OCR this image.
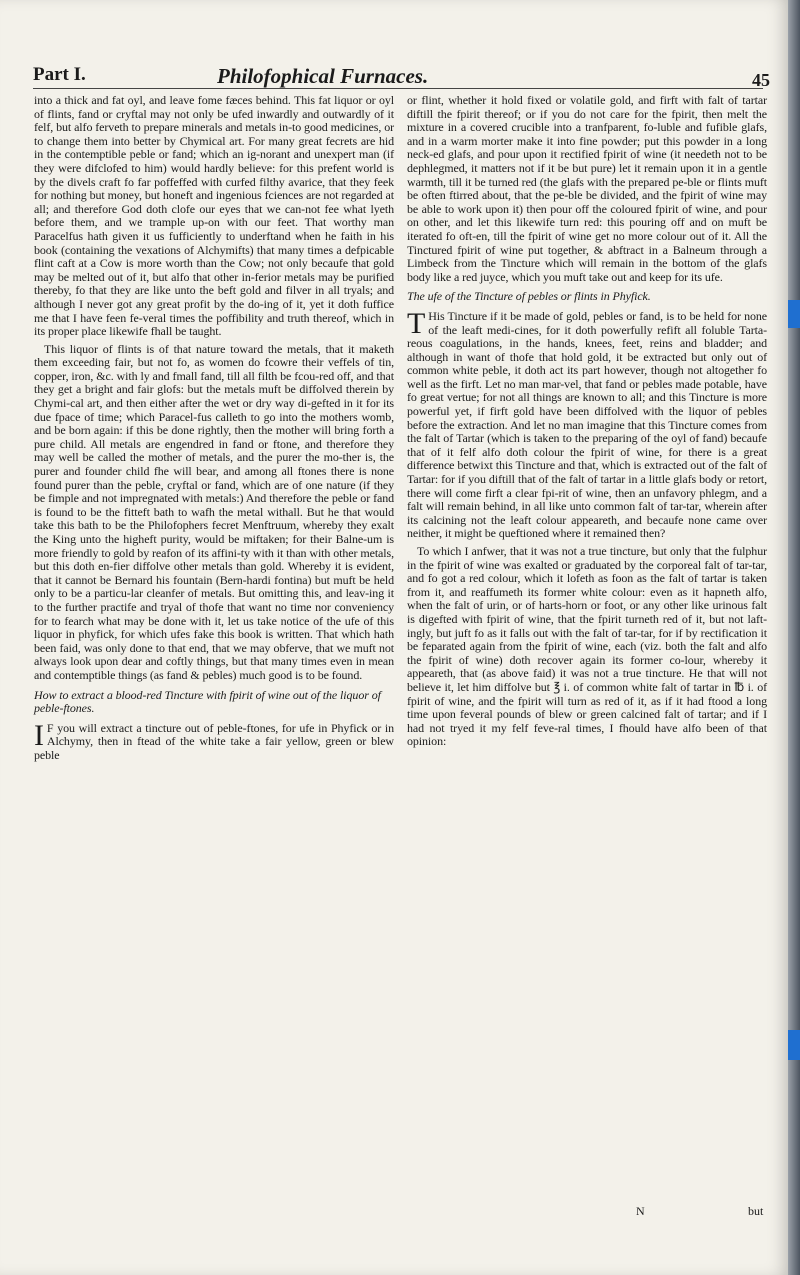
Part I.	Philofophical Furnaces.	45

into a thick and fat oyl, and leave fome fæces behind. This fat liquor or oyl of flints, fand or cryftal may not only be ufed inwardly and outwardly of it felf, but alfo ferveth to prepare minerals and metals in-to good medicines, or to change them into better by Chymical art. For many great fecrets are hid in the contemptible peble or fand; which an ig-norant and unexpert man (if they were difclofed to him) would hardly believe: for this prefent world is by the divels craft fo far poffeffed with curfed filthy avarice, that they feek for nothing but money, but honeft and ingenious fciences are not regarded at all; and therefore God doth clofe our eyes that we can-not fee what lyeth before them, and we trample up-on with our feet. That worthy man Paracelfus hath given it us fufficiently to underftand when he faith in his book (containing the vexations of Alchymifts) that many times a defpicable flint caft at a Cow is more worth than the Cow; not only becaufe that gold may be melted out of it, but alfo that other in-ferior metals may be purified thereby, fo that they are like unto the beft gold and filver in all tryals; and although I never got any great profit by the do-ing of it, yet it doth fuffice me that I have feen fe-veral times the poffibility and truth thereof, which in its proper place likewife fhall be taught.

This liquor of flints is of that nature toward the metals, that it maketh them exceeding fair, but not fo, as women do fcowre their veffels of tin, copper, iron, &c. with ly and fmall fand, till all filth be fcou-red off, and that they get a bright and fair glofs: but the metals muft be diffolved therein by Chymi-cal art, and then either after the wet or dry way di-gefted in it for its due fpace of time; which Paracel-fus calleth to go into the mothers womb, and be born again: if this be done rightly, then the mother will bring forth a pure child. All metals are engendred in fand or ftone, and therefore they may well be called the mother of metals, and the purer the mo-ther is, the purer and founder child fhe will bear, and among all ftones there is none found purer than the peble, cryftal or fand, which are of one nature (if they be fimple and not impregnated with metals:) And therefore the peble or fand is found to be the fitteft bath to wafh the metal withall. But he that would take this bath to be the Philofophers fecret Menftruum, whereby they exalt the King unto the higheft purity, would be miftaken; for their Balne-um is more friendly to gold by reafon of its affini-ty with it than with other metals, but this doth en-fier diffolve other metals than gold. Whereby it is evident, that it cannot be Bernard his fountain (Bern-hardi fontina) but muft be held only to be a particu-lar cleanfer of metals. But omitting this, and leav-ing it to the further practife and tryal of thofe that want no time nor conveniency for to fearch what may be done with it, let us take notice of the ufe of this liquor in phyfick, for which ufes fake this book is written. That which hath been faid, was only done to that end, that we may obferve, that we muft not always look upon dear and coftly things, but that many times even in mean and contemptible things (as fand & pebles) much good is to be found.

How to extract a blood-red Tincture with fpirit of wine out of the liquor of peble-ftones.

I F you will extract a tincture out of peble-ftones, for ufe in Phyfick or in Alchymy, then in ftead of the white take a fair yellow, green or blew peble

or flint, whether it hold fixed or volatile gold, and firft with falt of tartar diftill the fpirit thereof; or if you do not care for the fpirit, then melt the mixture in a covered crucible into a tranfparent, fo-luble and fufible glafs, and in a warm morter make it into fine powder; put this powder in a long neck-ed glafs, and pour upon it rectified fpirit of wine (it needeth not to be dephlegmed, it matters not if it be but pure) let it remain upon it in a gentle warmth, till it be turned red (the glafs with the prepared pe-ble or flints muft be often ftirred about, that the pe-ble be divided, and the fpirit of wine may be able to work upon it) then pour off the coloured fpirit of wine, and pour on other, and let this likewife turn red: this pouring off and on muft be iterated fo oft-en, till the fpirit of wine get no more colour out of it. All the Tinctured fpirit of wine put together, & abftract in a Balneum through a Limbeck from the Tincture which will remain in the bottom of the glafs body like a red juyce, which you muft take out and keep for its ufe.

The ufe of the Tincture of pebles or flints in Phyfick.

T His Tincture if it be made of gold, pebles or fand, is to be held for none of the leaft medi-cines, for it doth powerfully refift all foluble Tarta-reous coagulations, in the hands, knees, feet, reins and bladder; and although in want of thofe that hold gold, it be extracted but only out of common white peble, it doth act its part however, though not altogether fo well as the firft. Let no man mar-vel, that fand or pebles made potable, have fo great vertue; for not all things are known to all; and this Tincture is more powerful yet, if firft gold have been diffolved with the liquor of pebles before the extraction. And let no man imagine that this Tincture comes from the falt of Tartar (which is taken to the preparing of the oyl of fand) becaufe that of it felf alfo doth colour the fpirit of wine, for there is a great difference betwixt this Tincture and that, which is extracted out of the falt of Tartar: for if you diftill that of the falt of tartar in a little glafs body or retort, there will come firft a clear fpi-rit of wine, then an unfavory phlegm, and a falt will remain behind, in all like unto common falt of tar-tar, wherein after its calcining not the leaft colour appeareth, and becaufe none came over neither, it might be queftioned where it remained then?

To which I anfwer, that it was not a true tincture, but only that the fulphur in the fpirit of wine was exalted or graduated by the corporeal falt of tar-tar, and fo got a red colour, which it lofeth as foon as the falt of tartar is taken from it, and reaffumeth its former white colour: even as it hapneth alfo, when the falt of urin, or of harts-horn or foot, or any other like urinous falt is digefted with fpirit of wine, that the fpirit turneth red of it, but not laft-ingly, but juft fo as it falls out with the falt of tar-tar, for if by rectification it be feparated again from the fpirit of wine, each (viz. both the falt and alfo the fpirit of wine) doth recover again its former co-lour, whereby it appeareth, that (as above faid) it was not a true tincture. He that will not believe it, let him diffolve but ℥ i. of common white falt of tartar in ℔ i. of fpirit of wine, and the fpirit will turn as red of it, as if it had ftood a long time upon feveral pounds of blew or green calcined falt of tartar; and if I had not tryed it my felf feve-ral times, I fhould have alfo been of that opinion:

N	but
